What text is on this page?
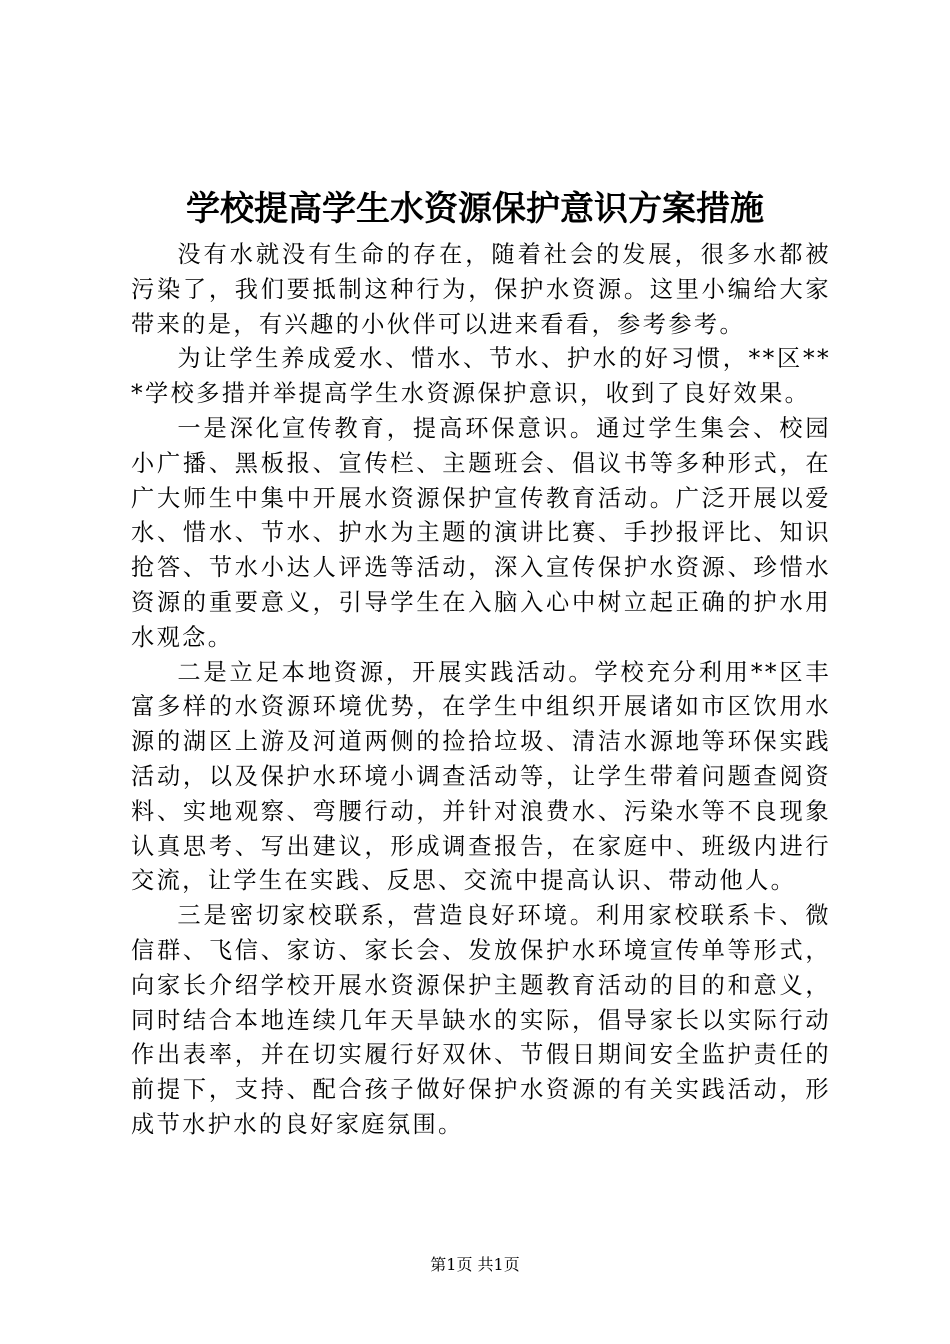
学校提高学生水资源保护意识方案措施

没有水就没有生命的存在，随着社会的发展，很多水都被污染了，我们要抵制这种行为，保护水资源。这里小编给大家带来的是，有兴趣的小伙伴可以进来看看，参考参考。

为让学生养成爱水、惜水、节水、护水的好习惯，**区***学校多措并举提高学生水资源保护意识，收到了良好效果。

一是深化宣传教育，提高环保意识。通过学生集会、校园小广播、黑板报、宣传栏、主题班会、倡议书等多种形式，在广大师生中集中开展水资源保护宣传教育活动。广泛开展以爱水、惜水、节水、护水为主题的演讲比赛、手抄报评比、知识抢答、节水小达人评选等活动，深入宣传保护水资源、珍惜水资源的重要意义，引导学生在入脑入心中树立起正确的护水用水观念。

二是立足本地资源，开展实践活动。学校充分利用**区丰富多样的水资源环境优势，在学生中组织开展诸如市区饮用水源的湖区上游及河道两侧的捡拾垃圾、清洁水源地等环保实践活动，以及保护水环境小调查活动等，让学生带着问题查阅资料、实地观察、弯腰行动，并针对浪费水、污染水等不良现象认真思考、写出建议，形成调查报告，在家庭中、班级内进行交流，让学生在实践、反思、交流中提高认识、带动他人。

三是密切家校联系，营造良好环境。利用家校联系卡、微信群、飞信、家访、家长会、发放保护水环境宣传单等形式，向家长介绍学校开展水资源保护主题教育活动的目的和意义，同时结合本地连续几年天旱缺水的实际，倡导家长以实际行动作出表率，并在切实履行好双休、节假日期间安全监护责任的前提下，支持、配合孩子做好保护水资源的有关实践活动，形成节水护水的良好家庭氛围。

第1页 共1页
